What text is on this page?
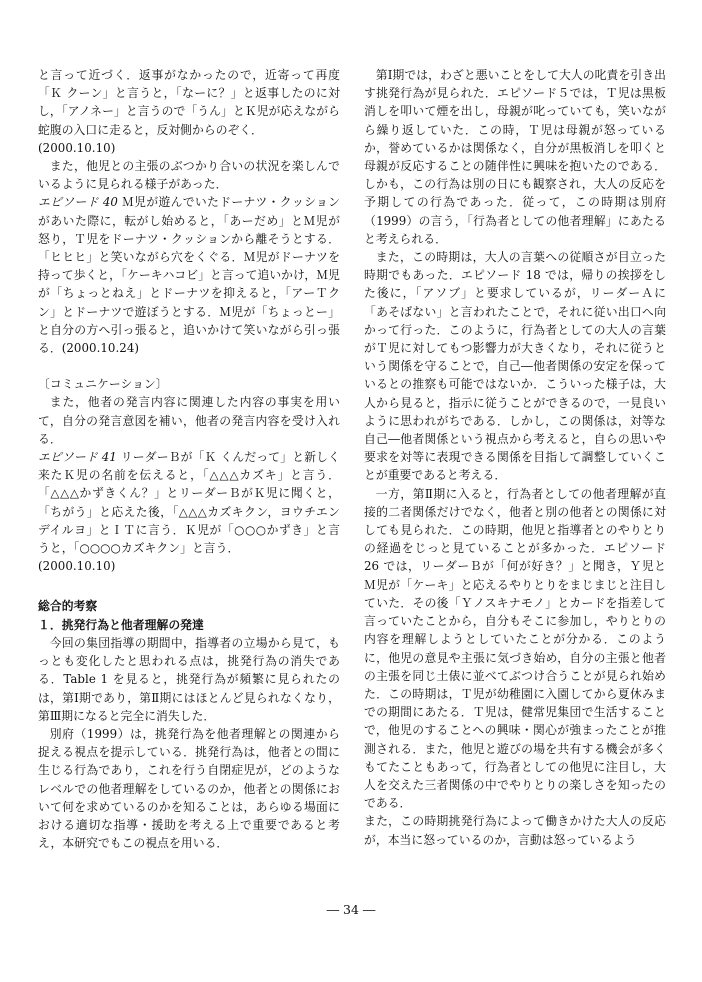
と言って近づく．返事がなかったので，近寄って再度「Ｋ クーン」と言うと，「なーに？」と返事したのに対し，「アノネー」と言うので「うん」とＫ児が応えながら蛇腹の入口に走ると，反対側からのぞく．
(2000.10.10)

また，他児との主張のぶつかり合いの状況を楽しんでいるように見られる様子があった．

エピソード 40 Ｍ児が遊んでいたドーナツ・クッションがあいた際に，転がし始めると，「あーだめ」とＭ児が怒り，Ｔ児をドーナツ・クッションから離そうとする．「ヒヒヒ」と笑いながら穴をくぐる．Ｍ児がドーナツを持って歩くと，「ケーキハコビ」と言って追いかけ，Ｍ児が「ちょっとねえ」とドーナツを抑えると，「アーＴクン」とドーナツで遊ぼうとする．Ｍ児が「ちょっとー」と自分の方へ引っ張ると，追いかけて笑いながら引っ張る．(2000.10.24)

〔コミュニケーション〕

また，他者の発言内容に関連した内容の事実を用いて，自分の発言意図を補い，他者の発言内容を受け入れる．

エピソード 41 リーダーＢが「Ｋ くんだって」と新しく来たＫ児の名前を伝えると，「△△△カズキ」と言う．「△△△かずきくん？」とリーダーＢがＫ児に聞くと，「ちがう」と応えた後，「△△△カズキクン，ヨウチエンデイルヨ」とＩＴに言う．Ｋ児が「○○○かずき」と言うと，「○○○○カズキクン」と言う．
(2000.10.10)

総合的考察

１．挑発行為と他者理解の発達

今回の集団指導の期間中，指導者の立場から見て，もっとも変化したと思われる点は，挑発行為の消失である．Table 1 を見ると，挑発行為が頻繁に見られたのは，第Ⅰ期であり，第Ⅱ期にはほとんど見られなくなり，第Ⅲ期になると完全に消失した．

別府（1999）は，挑発行為を他者理解との関連から捉える視点を提示している．挑発行為は，他者との間に生じる行為であり，これを行う自閉症児が，どのようなレベルでの他者理解をしているのか，他者との関係において何を求めているのかを知ることは，あらゆる場面における適切な指導・援助を考える上で重要であると考え，本研究でもこの視点を用いる．

第Ⅰ期では，わざと悪いことをして大人の叱責を引き出す挑発行為が見られた．エピソード５では，Ｔ児は黒板消しを叩いて煙を出し，母親が叱っていても，笑いながら繰り返していた．この時，Ｔ児は母親が怒っているか，誉めているかは関係なく，自分が黒板消しを叩くと母親が反応することの随伴性に興味を抱いたのである．しかも，この行為は別の日にも観察され，大人の反応を予期しての行為であった．従って，この時期は別府（1999）の言う，「行為者としての他者理解」にあたると考えられる．

また，この時期は，大人の言葉への従順さが目立った時期でもあった．エピソード 18 では，帰りの挨拶をした後に，「アソブ」と要求しているが，リーダーＡに「あそばない」と言われたことで，それに従い出口へ向かって行った．このように，行為者としての大人の言葉がＴ児に対してもつ影響力が大きくなり，それに従うという関係を守ることで，自己―他者関係の安定を保っているとの推察も可能ではないか．こういった様子は，大人から見ると，指示に従うことができるので，一見良いように思われがちである．しかし，この関係は，対等な自己―他者関係という視点から考えると，自らの思いや要求を対等に表現できる関係を目指して調整していくことが重要であると考える．

一方，第Ⅱ期に入ると，行為者としての他者理解が直接的二者関係だけでなく，他者と別の他者との関係に対しても見られた．この時期，他児と指導者とのやりとりの経過をじっと見ていることが多かった．エピソード 26 では，リーダーＢが「何が好き？」と聞き，Ｙ児とＭ児が「ケーキ」と応えるやりとりをまじまじと注目していた．その後「Ｙノスキナモノ」とカードを指差して言っていたことから，自分もそこに参加し，やりとりの内容を理解しようとしていたことが分かる．このように，他児の意見や主張に気づき始め，自分の主張と他者の主張を同じ土俵に並べてぶつけ合うことが見られ始めた．この時期は，Ｔ児が幼稚園に入園してから夏休みまでの期間にあたる．Ｔ児は，健常児集団で生活することで，他児のすることへの興味・関心が強まったことが推測される．また，他児と遊びの場を共有する機会が多くもてたこともあって，行為者としての他児に注目し，大人を交えた三者関係の中でやりとりの楽しさを知ったのである．

また，この時期挑発行為によって働きかけた大人の反応が，本当に怒っているのか，言動は怒っているよう

― 34 ―
